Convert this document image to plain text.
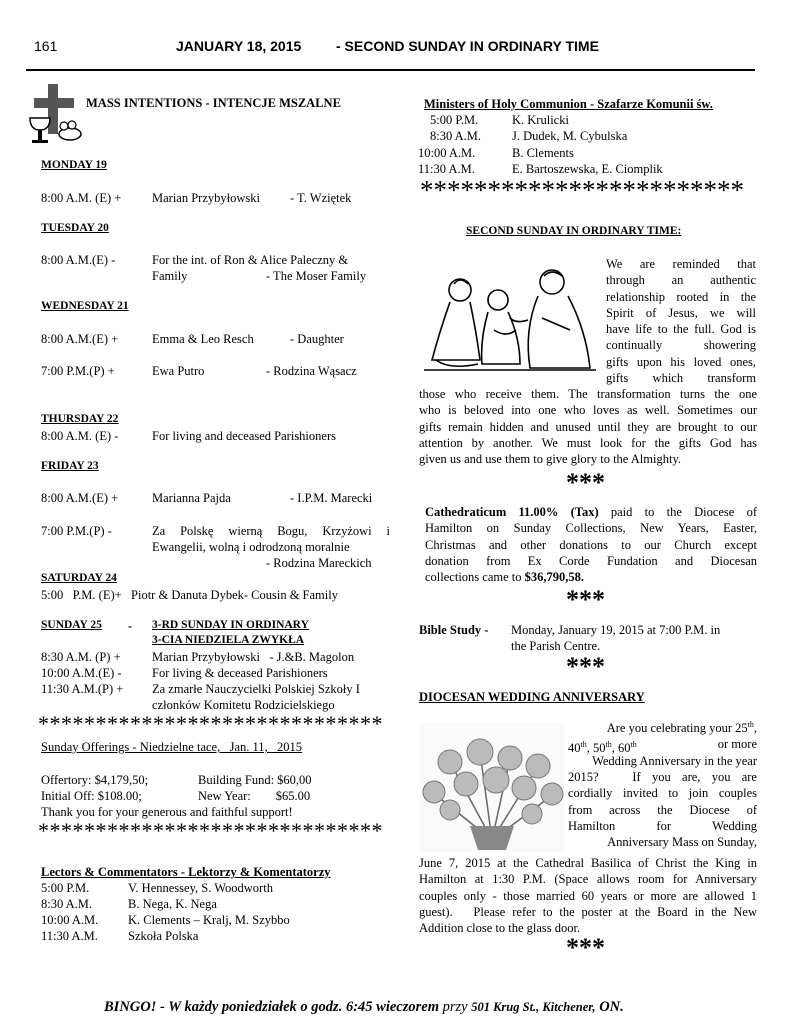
161	JANUARY 18, 2015 - SECOND SUNDAY IN ORDINARY TIME
MASS INTENTIONS - INTENCJE MSZALNE
MONDAY 19
8:00 A.M. (E) + Marian Przybyłowski - T. Wziętek
TUESDAY 20
8:00 A.M.(E) -	For the int. of Ron & Alice Paleczny &
Family	- The Moser Family
WEDNESDAY 21
8:00 A.M.(E) +	Emma & Leo Resch	- Daughter
7:00 P.M.(P) +	Ewa Putro	- Rodzina Wąsacz
THURSDAY 22
8:00 A.M. (E) -	For living and deceased Parishioners
FRIDAY 23
8:00 A.M.(E) +	Marianna Pajda	- I.P.M. Marecki
7:00 P.M.(P) -	Za Polskę wierną Bogu, Krzyżowi i
Ewangelii, wolną i odrodzoną moralnie
- Rodzina Mareckich
SATURDAY 24
5:00   P.M. (E)+   Piotr & Danuta Dybek- Cousin & Family
SUNDAY 25 - 3-RD SUNDAY IN ORDINARY
3-CIA NIEDZIELA ZWYKŁA
8:30 A.M. (P) +	Marian Przybyłowski   - J.&B. Magolon
10:00 A.M.(E) - For living & deceased Parishioners
11:30 A.M.(P) + Za zmarłe Nauczycielki Polskiej Szkoły I
członków Komitetu Rodzicielskiego
******************************
Sunday Offerings - Niedzielne tace,   Jan. 11,   2015
Offertory: $4,179,50;	Building Fund: $60,00
Initial Off: $108.00;	New Year:        $65.00
Thank you for your generous and faithful support!
******************************
Lectors & Commentators - Lektorzy & Komentatorzy
5:00 P.M.	V. Hennessey, S. Woodworth
8:30 A.M.	B. Nega, K. Nega
10:00 A.M. K. Clements – Kralj, M. Szybbo
11:30 A.M. Szkoła Polska
Ministers of Holy Communion - Szafarze Komunii św.
5:00 P.M.	K. Krulicki
8:30 A.M. J. Dudek, M. Cybulska
10:00 A.M.	B. Clements
11:30 A.M.	E. Bartoszewska, E. Ciomplik
************************
SECOND SUNDAY IN ORDINARY TIME:
We are reminded that
through an authentic
relationship rooted in the
Spirit of Jesus, we will
have life to the full. God is
continually showering
gifts upon his loved ones,
gifts which transform
those who receive them. The transformation turns the one
who is beloved into one who loves as well. Sometimes our
gifts remain hidden and unused until they are brought to our
attention by another. We must look for the gifts God has
given us and use them to give glory to the Almighty.
***
Cathedraticum 11.00% (Tax) paid to the Diocese of
Hamilton on Sunday Collections, New Years, Easter,
Christmas and other donations to our Church except
donation from Ex Corde Fundation and Diocesan
collections came to $36,790,58.
***
Bible Study - Monday, January 19, 2015 at 7:00 P.M. in
the Parish Centre.
***
DIOCESAN WEDDING ANNIVERSARY
Are you celebrating your 25th,
40th, 50th, 60th	or more
Wedding Anniversary in the year
2015?   If you are, you are
cordially invited to join couples
from across the Diocese of
Hamilton	for	Wedding
Anniversary Mass on Sunday,
June 7, 2015 at the Cathedral Basilica of Christ the King in
Hamilton at 1:30 P.M. (Space allows room for Anniversary
couples only - those married 60 years or more are allowed 1
guest).   Please refer to the poster at the Board in the New
Addition close to the glass door.
***
BINGO! - W każdy poniedziałek o godz. 6:45 wieczorem przy 501 Krug St., Kitchener, ON.
